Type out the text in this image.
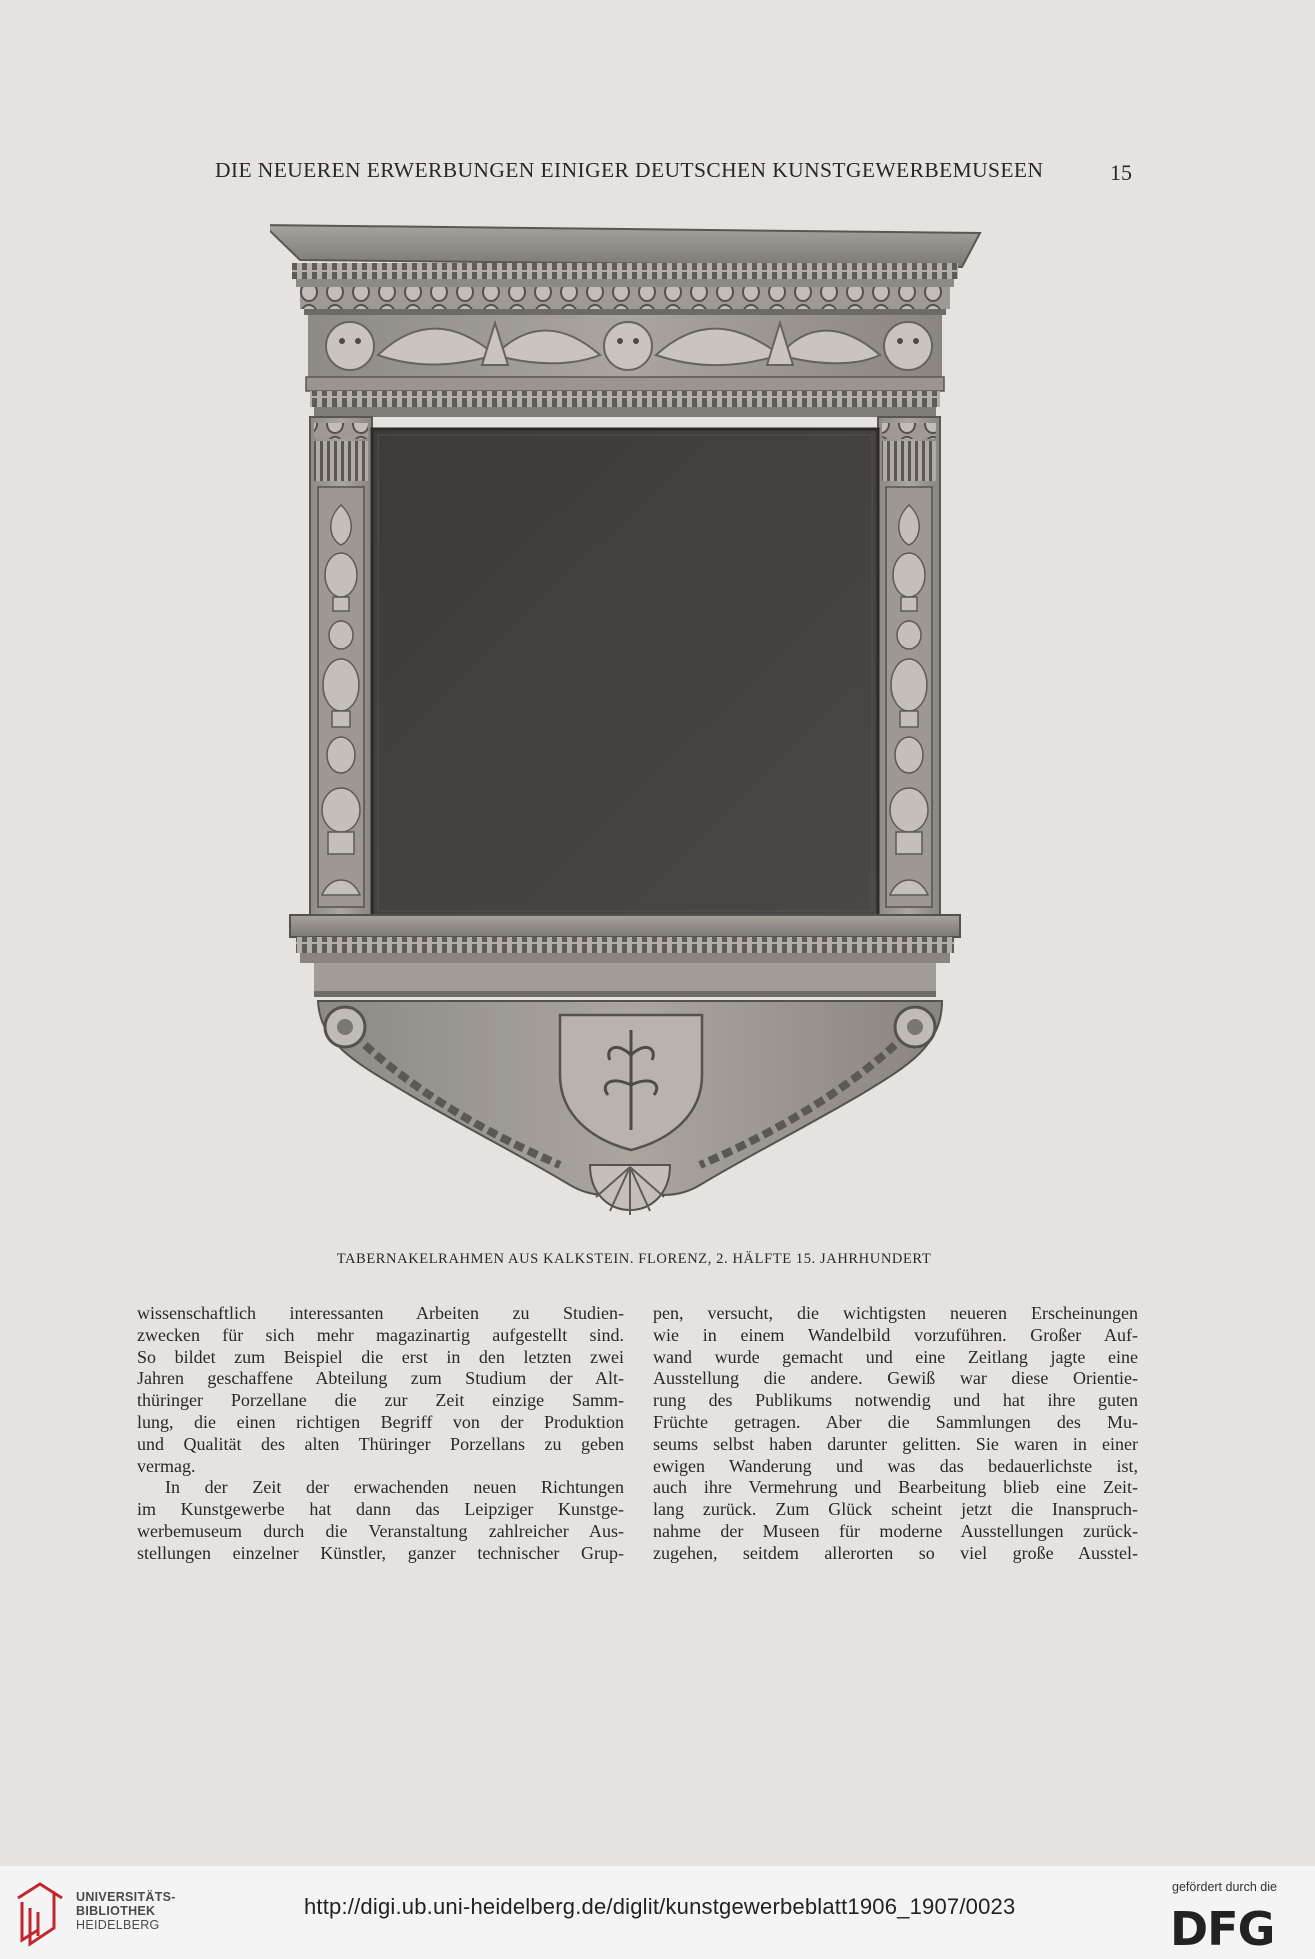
DIE NEUEREN ERWERBUNGEN EINIGER DEUTSCHEN KUNSTGEWERBEMUSEEN	15
TABERNAKELRAHMEN AUS KALKSTEIN. FLORENZ, 2. HÄLFTE 15. JAHRHUNDERT
wissenschaftlich interessanten Arbeiten zu Studien-
zwecken für sich mehr magazinartig aufgestellt sind.
So bildet zum Beispiel die erst in den letzten zwei
Jahren geschaffene Abteilung zum Studium der Alt-
thüringer Porzellane die zur Zeit einzige Samm-
lung, die einen richtigen Begriff von der Produktion
und Qualität des alten Thüringer Porzellans zu geben
vermag.
In der Zeit der erwachenden neuen Richtungen
im Kunstgewerbe hat dann das Leipziger Kunstge-
werbemuseum durch die Veranstaltung zahlreicher Aus-
stellungen einzelner Künstler, ganzer technischer Grup-
pen, versucht, die wichtigsten neueren Erscheinungen
wie in einem Wandelbild vorzuführen. Großer Auf-
wand wurde gemacht und eine Zeitlang jagte eine
Ausstellung die andere. Gewiß war diese Orientie-
rung des Publikums notwendig und hat ihre guten
Früchte getragen. Aber die Sammlungen des Mu-
seums selbst haben darunter gelitten. Sie waren in einer
ewigen Wanderung und was das bedauerlichste ist,
auch ihre Vermehrung und Bearbeitung blieb eine Zeit-
lang zurück. Zum Glück scheint jetzt die Inanspruch-
nahme der Museen für moderne Ausstellungen zurück-
zugehen, seitdem allerorten so viel große Ausstel-
UNIVERSITÄTS-
BIBLIOTHEK
HEIDELBERG
http://digi.ub.uni-heidelberg.de/diglit/kunstgewerbeblatt1906_1907/0023
gefördert durch die
DFG
